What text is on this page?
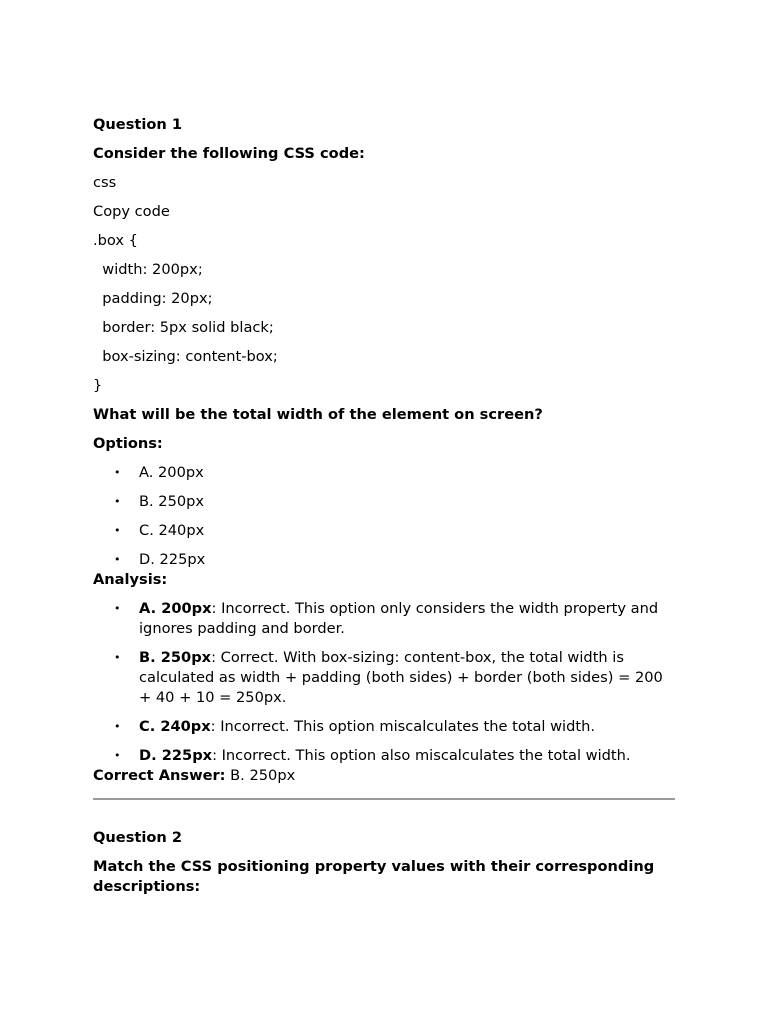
Question 1
Consider the following CSS code:
css
Copy code
.box {
width: 200px;
padding: 20px;
border: 5px solid black;
box-sizing: content-box;
}
What will be the total width of the element on screen?
Options:
• A. 200px
• B. 250px
• C. 240px
• D. 225px
Analysis:
• A. 200px: Incorrect. This option only considers the width property and ignores padding and border.
• B. 250px: Correct. With box-sizing: content-box, the total width is calculated as width + padding (both sides) + border (both sides) = 200 + 40 + 10 = 250px.
• C. 240px: Incorrect. This option miscalculates the total width.
• D. 225px: Incorrect. This option also miscalculates the total width.
Correct Answer: B. 250px
Question 2
Match the CSS positioning property values with their corresponding descriptions:
